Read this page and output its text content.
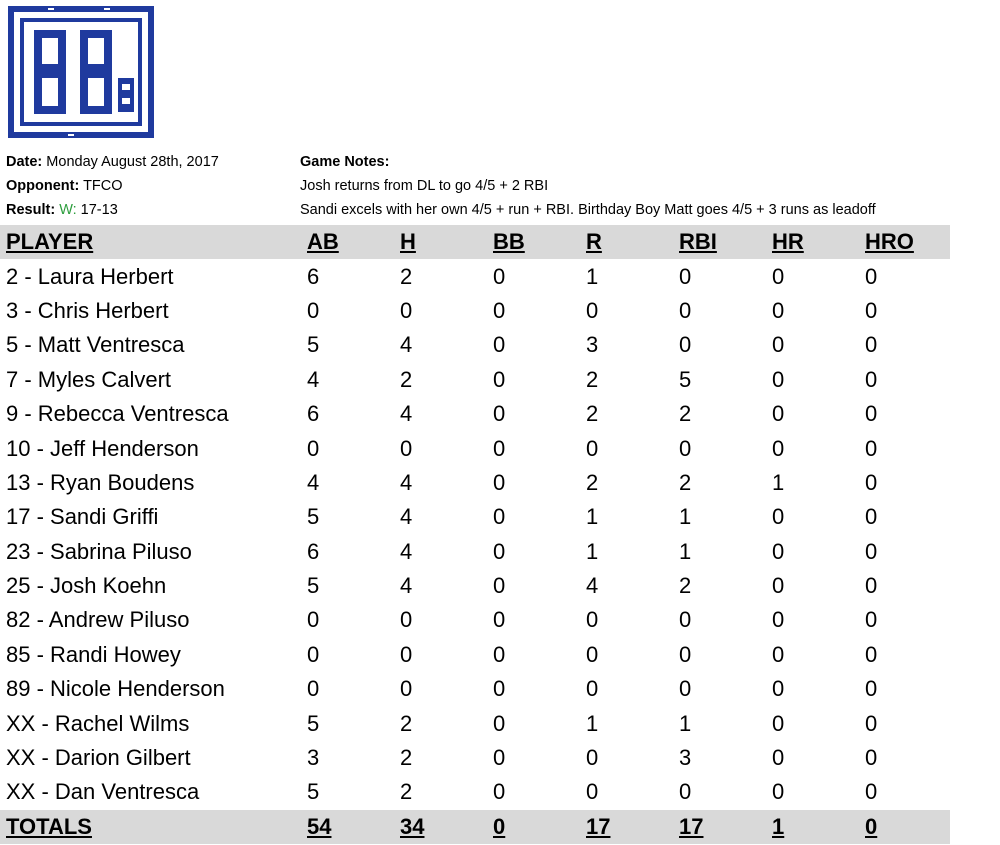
Date: Monday August 28th, 2017
Opponent: TFCO
Result: W: 17-13
Game Notes:
Josh returns from DL to go 4/5 + 2 RBI
Sandi excels with her own 4/5 + run + RBI. Birthday Boy Matt goes 4/5 + 3 runs as leadoff
PLAYER	AB	H	BB	R	RBI	HR	HRO
2 - Laura Herbert	6	2	0	1	0	0	0
3 - Chris Herbert	0	0	0	0	0	0	0
5 - Matt Ventresca	5	4	0	3	0	0	0
7 - Myles Calvert	4	2	0	2	5	0	0
9 - Rebecca Ventresca	6	4	0	2	2	0	0
10 - Jeff Henderson	0	0	0	0	0	0	0
13 - Ryan Boudens	4	4	0	2	2	1	0
17 - Sandi Griffi	5	4	0	1	1	0	0
23 - Sabrina Piluso	6	4	0	1	1	0	0
25 - Josh Koehn	5	4	0	4	2	0	0
82 - Andrew Piluso	0	0	0	0	0	0	0
85 - Randi Howey	0	0	0	0	0	0	0
89 - Nicole Henderson	0	0	0	0	0	0	0
XX - Rachel Wilms	5	2	0	1	1	0	0
XX - Darion Gilbert	3	2	0	0	3	0	0
XX - Dan Ventresca	5	2	0	0	0	0	0
TOTALS	54	34	0	17	17	1	0
